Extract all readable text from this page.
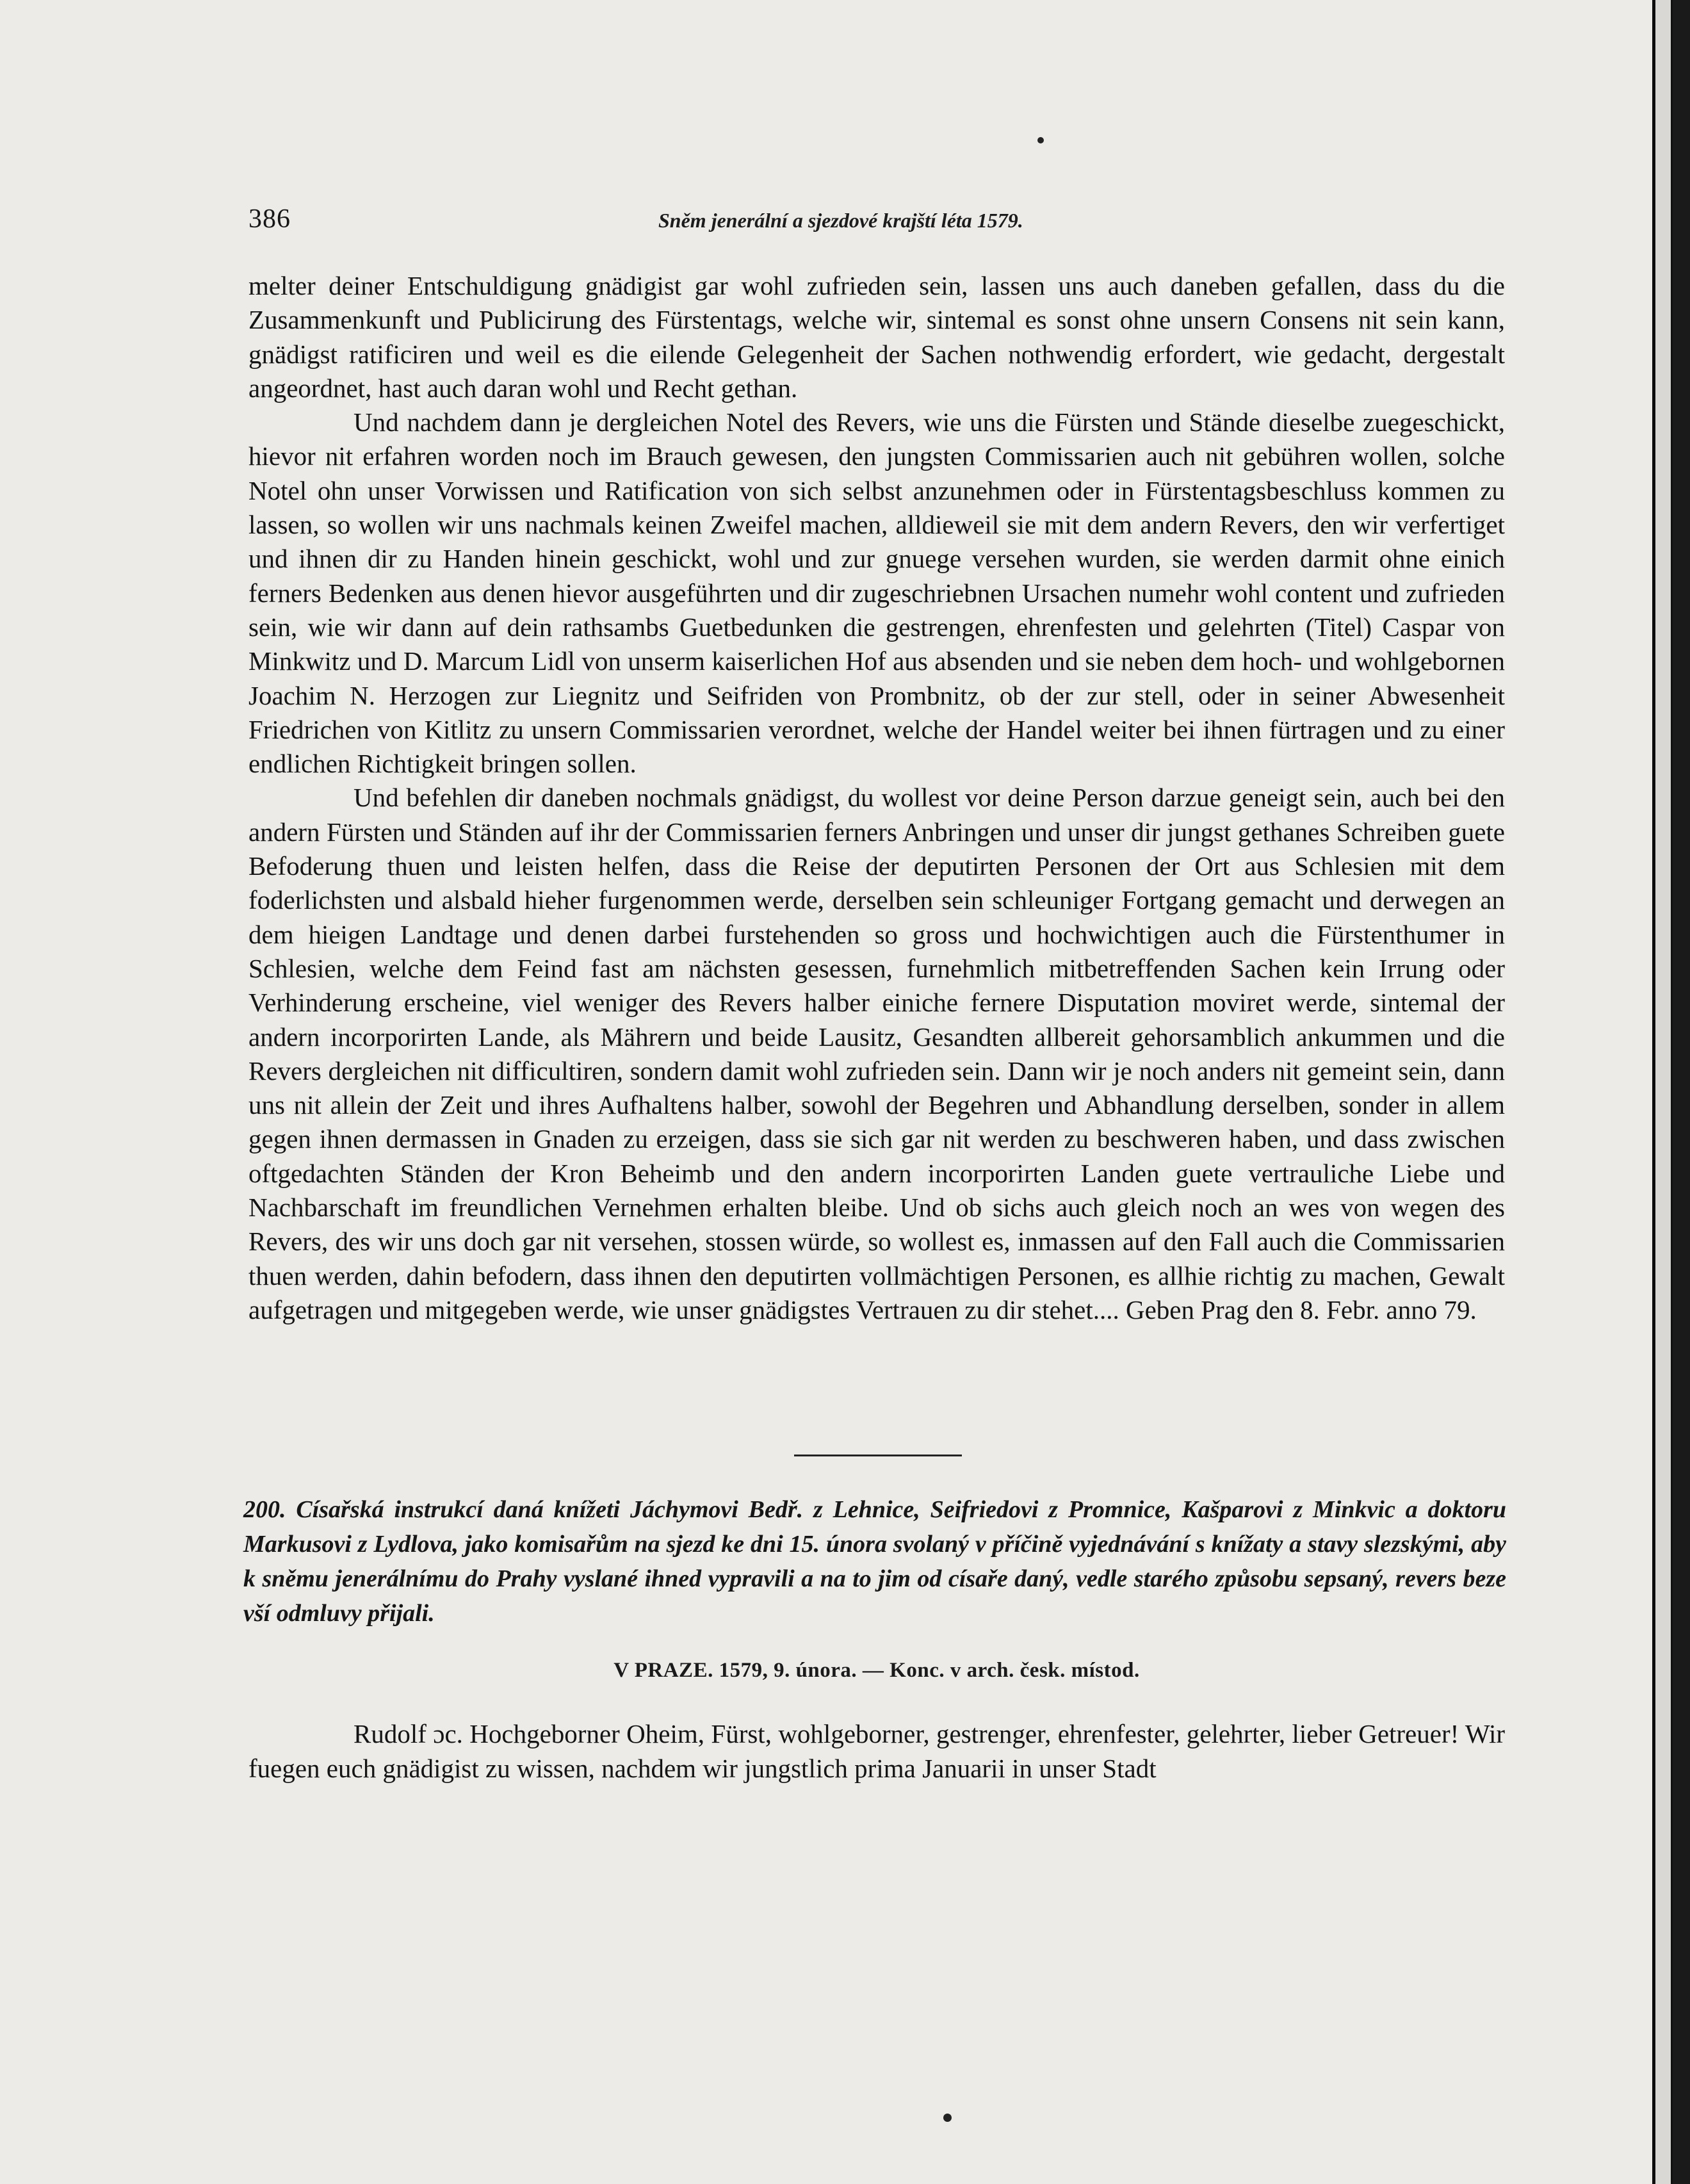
386	Sněm jenerální a sjezdové krajští léta 1579.

melter deiner Entschuldigung gnädigist gar wohl zufrieden sein, lassen uns auch daneben gefallen, dass du die Zusammenkunft und Publicirung des Fürstentags, welche wir, sintemal es sonst ohne unsern Consens nit sein kann, gnädigst ratificiren und weil es die eilende Gelegenheit der Sachen nothwendig erfordert, wie gedacht, dergestalt angeordnet, hast auch daran wohl und Recht gethan.

Und nachdem dann je dergleichen Notel des Revers, wie uns die Fürsten und Stände dieselbe zuegeschickt, hievor nit erfahren worden noch im Brauch gewesen, den jungsten Commissarien auch nit gebühren wollen, solche Notel ohn unser Vorwissen und Ratification von sich selbst anzunehmen oder in Fürstentagsbeschluss kommen zu lassen, so wollen wir uns nachmals keinen Zweifel machen, alldieweil sie mit dem andern Revers, den wir verfertiget und ihnen dir zu Handen hinein geschickt, wohl und zur gnuege versehen wurden, sie werden darmit ohne einich ferners Bedenken aus denen hievor ausgeführten und dir zugeschriebnen Ursachen numehr wohl content und zufrieden sein, wie wir dann auf dein rathsambs Guetbedunken die gestrengen, ehrenfesten und gelehrten (Titel) Caspar von Minkwitz und D. Marcum Lidl von unserm kaiserlichen Hof aus absenden und sie neben dem hoch- und wohlgebornen Joachim N. Herzogen zur Liegnitz und Seifriden von Prombnitz, ob der zur stell, oder in seiner Abwesenheit Friedrichen von Kitlitz zu unsern Commissarien verordnet, welche der Handel weiter bei ihnen fürtragen und zu einer endlichen Richtigkeit bringen sollen.

Und befehlen dir daneben nochmals gnädigst, du wollest vor deine Person darzue geneigt sein, auch bei den andern Fürsten und Ständen auf ihr der Commissarien ferners Anbringen und unser dir jungst gethanes Schreiben guete Befoderung thuen und leisten helfen, dass die Reise der deputirten Personen der Ort aus Schlesien mit dem foderlichsten und alsbald hieher furgenommen werde, derselben sein schleuniger Fortgang gemacht und derwegen an dem hieigen Landtage und denen darbei furstehenden so gross und hochwichtigen auch die Fürstenthumer in Schlesien, welche dem Feind fast am nächsten gesessen, furnehmlich mitbetreffenden Sachen kein Irrung oder Verhinderung erscheine, viel weniger des Revers halber einiche fernere Disputation moviret werde, sintemal der andern incorporirten Lande, als Mährern und beide Lausitz, Gesandten allbereit gehorsamblich ankummen und die Revers dergleichen nit difficultiren, sondern damit wohl zufrieden sein. Dann wir je noch anders nit gemeint sein, dann uns nit allein der Zeit und ihres Aufhaltens halber, sowohl der Begehren und Abhandlung derselben, sonder in allem gegen ihnen dermassen in Gnaden zu erzeigen, dass sie sich gar nit werden zu beschweren haben, und dass zwischen oftgedachten Ständen der Kron Beheimb und den andern incorporirten Landen guete vertrauliche Liebe und Nachbarschaft im freundlichen Vernehmen erhalten bleibe. Und ob sichs auch gleich noch an wes von wegen des Revers, des wir uns doch gar nit versehen, stossen würde, so wollest es, inmassen auf den Fall auch die Commissarien thuen werden, dahin befodern, dass ihnen den deputirten vollmächtigen Personen, es allhie richtig zu machen, Gewalt aufgetragen und mitgegeben werde, wie unser gnädigstes Vertrauen zu dir stehet.... Geben Prag den 8. Febr. anno 79.

200. Císařská instrukcí daná knížeti Jáchymovi Bedř. z Lehnice, Seifriedovi z Promnice, Kašparovi z Minkvic a doktoru Markusovi z Lydlova, jako komisařům na sjezd ke dni 15. února svolaný v příčině vyjednávání s knížaty a stavy slezskými, aby k sněmu jenerálnímu do Prahy vyslané ihned vypravili a na to jim od císaře daný, vedle starého způsobu sepsaný, revers beze vší odmluvy přijali.

V PRAZE. 1579, 9. února. — Konc. v arch. česk. místod.

Rudolf ɔc. Hochgeborner Oheim, Fürst, wohlgeborner, gestrenger, ehrenfester, gelehrter, lieber Getreuer! Wir fuegen euch gnädigist zu wissen, nachdem wir jungstlich prima Januarii in unser Stadt
